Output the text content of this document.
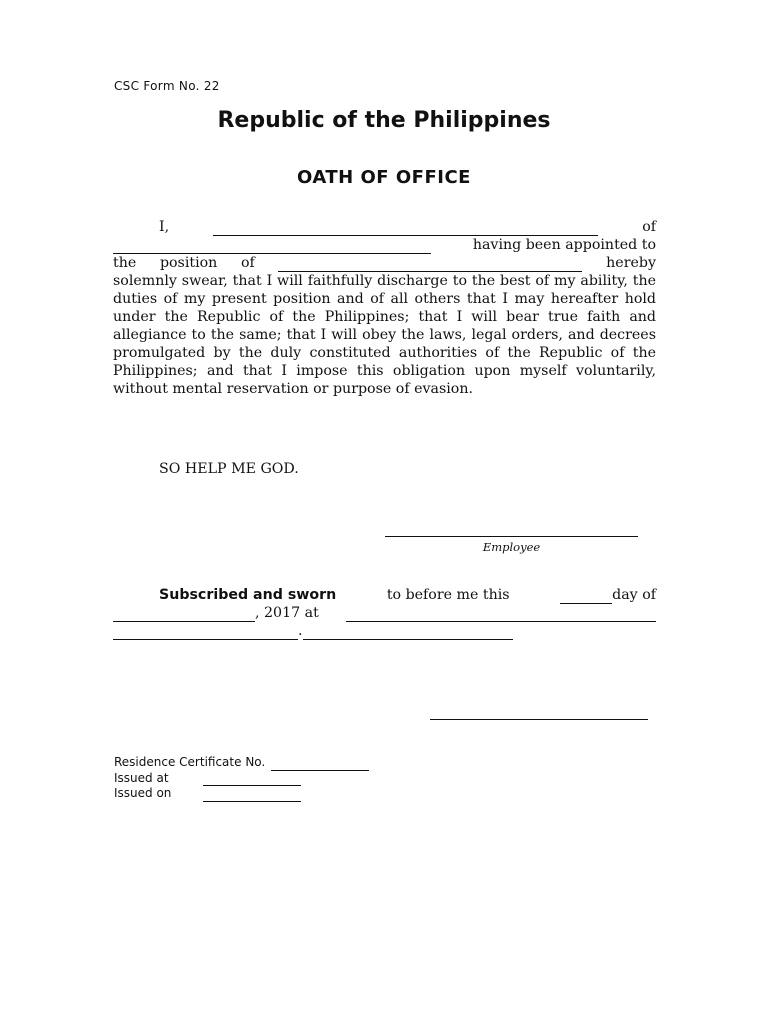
CSC Form No. 22
Republic of the Philippines
OATH OF OFFICE
I,	of
having been appointed to
the position of	hereby
solemnly swear, that I will faithfully discharge to the best of my ability, the duties of my present position and of all others that I may hereafter hold under the Republic of the Philippines; that I will bear true faith and allegiance to the same; that I will obey the laws, legal orders, and decrees promulgated by the duly constituted authorities of the Republic of the Philippines; and that I impose this obligation upon myself voluntarily, without mental reservation or purpose of evasion.
SO HELP ME GOD.
Employee
Subscribed and sworn	to before me this	day of
, 2017 at
.
Residence Certificate No.
Issued at
Issued on
